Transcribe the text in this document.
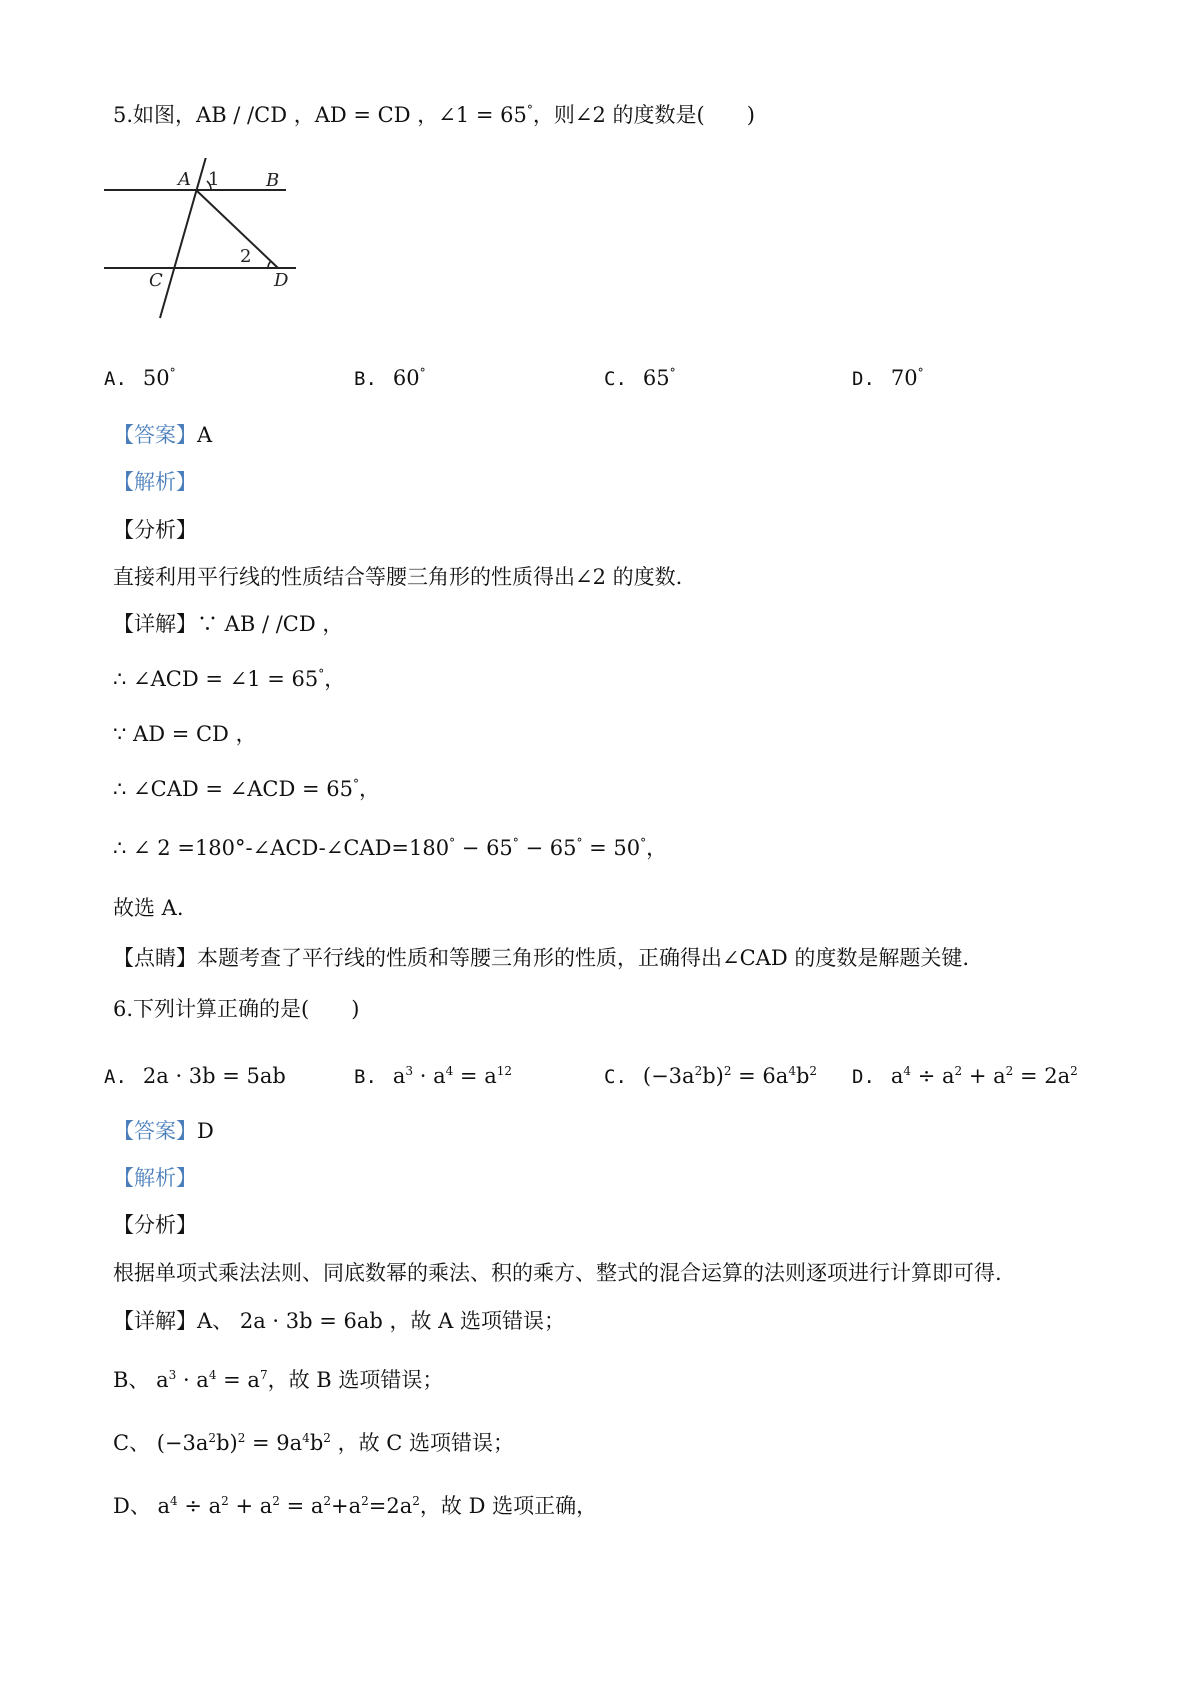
5.如图，AB / /CD ，AD = CD ，∠1 = 65°，则∠2 的度数是(　　)

A 1	B
2
C	D
A. 50°	B. 60°	C. 65°	D. 70°

【答案】A

【解析】

【分析】

直接利用平行线的性质结合等腰三角形的性质得出∠2 的度数.

【详解】∵ AB / /CD ，

∴ ∠ACD = ∠1 = 65°，

∵ AD = CD ，

∴ ∠CAD = ∠ACD = 65°，

∴ ∠ 2 =180°-∠ACD-∠CAD=180° − 65° − 65° = 50°，

故选 A.

【点睛】本题考查了平行线的性质和等腰三角形的性质，正确得出∠CAD 的度数是解题关键.

6.下列计算正确的是(　　)

A. 2a · 3b = 5ab	B. $a^3 \cdot a^4 = a^{12}$	C. $(-3a^2b)^2 = 6a^4b^2$ D. $a^4 \div a^2 + a^2 = 2a^2$

【答案】D

【解析】

【分析】

根据单项式乘法法则、同底数幂的乘法、积的乘方、整式的混合运算的法则逐项进行计算即可得.

【详解】A、 2a · 3b = 6ab ，故 A 选项错误；

B、 $a^3 \cdot a^4 = a^7$，故 B 选项错误；

C、 $(-3a^2b)^2 = 9a^4b^2$ ，故 C 选项错误；

D、 $a^4 \div a^2 + a^2 = a^2+a^2=2a^2$，故 D 选项正确，
